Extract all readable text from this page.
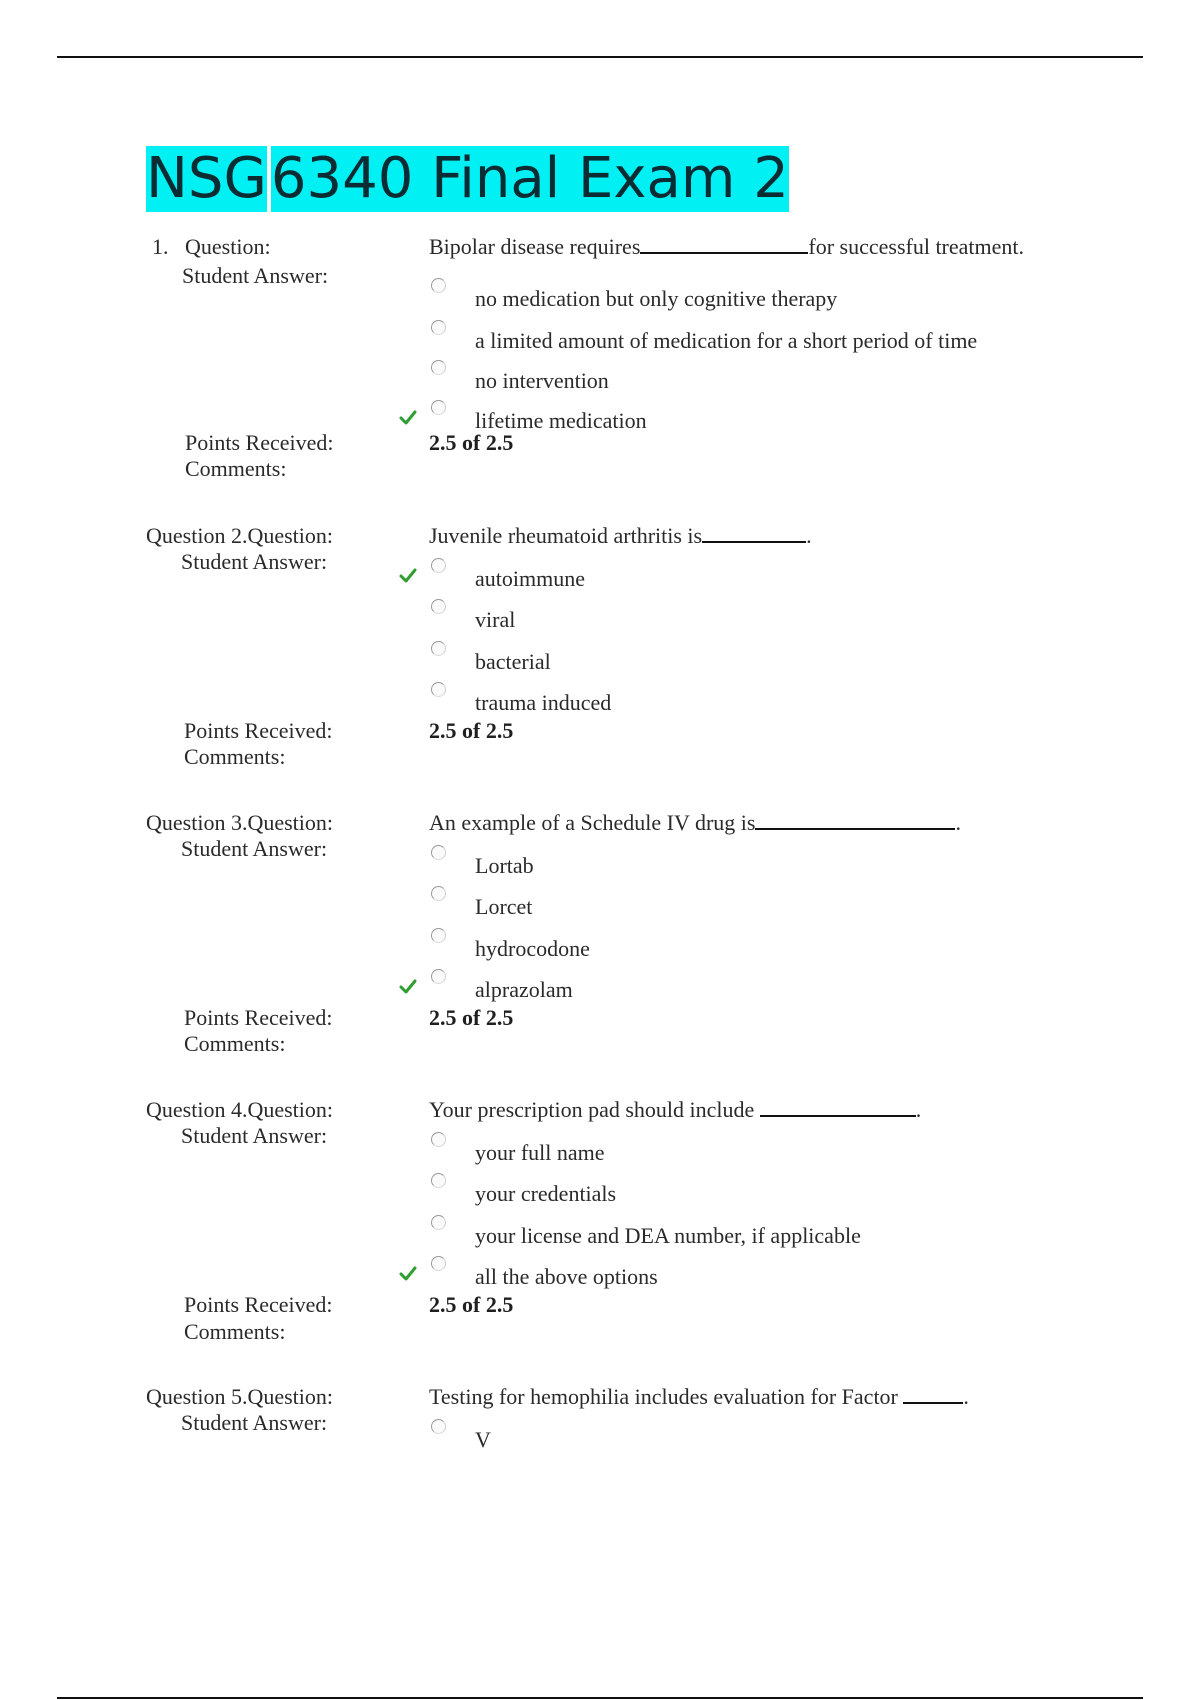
NSG6340 Final Exam 2
1. Question:
Student Answer:
Bipolar disease requires	for successful treatment.
no medication but only cognitive therapy
a limited amount of medication for a short period of time
no intervention
lifetime medication
Points Received:	2.5 of 2.5
Comments:
Question 2.Question:
Student Answer:
Juvenile rheumatoid arthritis is	.
autoimmune
viral
bacterial
trauma induced
Points Received:	2.5 of 2.5
Comments:
Question 3.Question:
Student Answer:
An example of a Schedule IV drug is	.
Lortab
Lorcet
hydrocodone
alprazolam
Points Received:	2.5 of 2.5
Comments:
Question 4.Question:
Student Answer:
Your prescription pad should include	.
your full name
your credentials
your license and DEA number, if applicable
all the above options
Points Received:	2.5 of 2.5
Comments:
Question 5.Question:
Student Answer:
Testing for hemophilia includes evaluation for Factor	.
V
